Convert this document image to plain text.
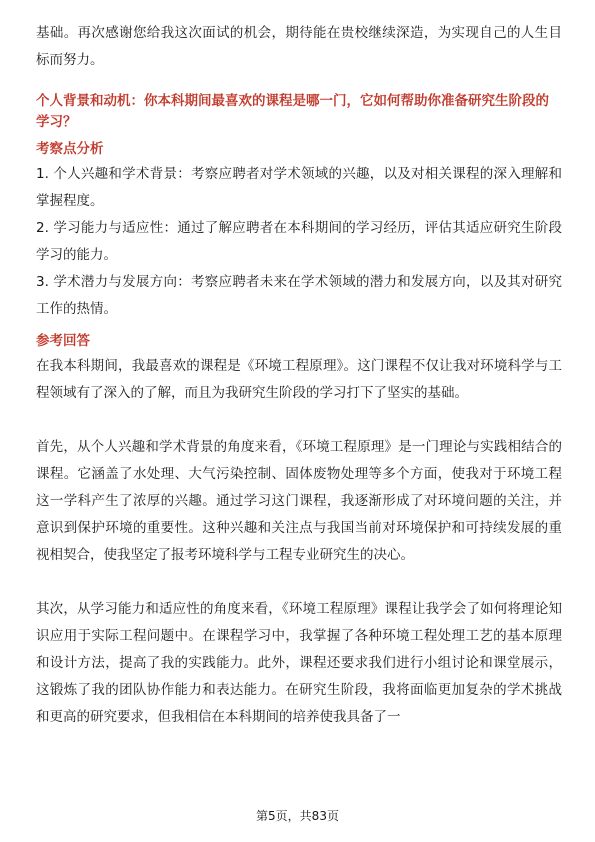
基础。再次感谢您给我这次面试的机会，期待能在贵校继续深造，为实现自己的人生目标而努力。

个人背景和动机：你本科期间最喜欢的课程是哪一门，它如何帮助你准备研究生阶段的学习？

考察点分析

1. 个人兴趣和学术背景：考察应聘者对学术领域的兴趣，以及对相关课程的深入理解和掌握程度。

2. 学习能力与适应性：通过了解应聘者在本科期间的学习经历，评估其适应研究生阶段学习的能力。

3. 学术潜力与发展方向：考察应聘者未来在学术领域的潜力和发展方向，以及其对研究工作的热情。

参考回答

在我本科期间，我最喜欢的课程是《环境工程原理》。这门课程不仅让我对环境科学与工程领域有了深入的了解，而且为我研究生阶段的学习打下了坚实的基础。

首先，从个人兴趣和学术背景的角度来看，《环境工程原理》是一门理论与实践相结合的课程。它涵盖了水处理、大气污染控制、固体废物处理等多个方面，使我对于环境工程这一学科产生了浓厚的兴趣。通过学习这门课程，我逐渐形成了对环境问题的关注，并意识到保护环境的重要性。这种兴趣和关注点与我国当前对环境保护和可持续发展的重视相契合，使我坚定了报考环境科学与工程专业研究生的决心。

其次，从学习能力和适应性的角度来看，《环境工程原理》课程让我学会了如何将理论知识应用于实际工程问题中。在课程学习中，我掌握了各种环境工程处理工艺的基本原理和设计方法，提高了我的实践能力。此外，课程还要求我们进行小组讨论和课堂展示，这锻炼了我的团队协作能力和表达能力。在研究生阶段，我将面临更加复杂的学术挑战和更高的研究要求，但我相信在本科期间的培养使我具备了一

第5页，共83页
